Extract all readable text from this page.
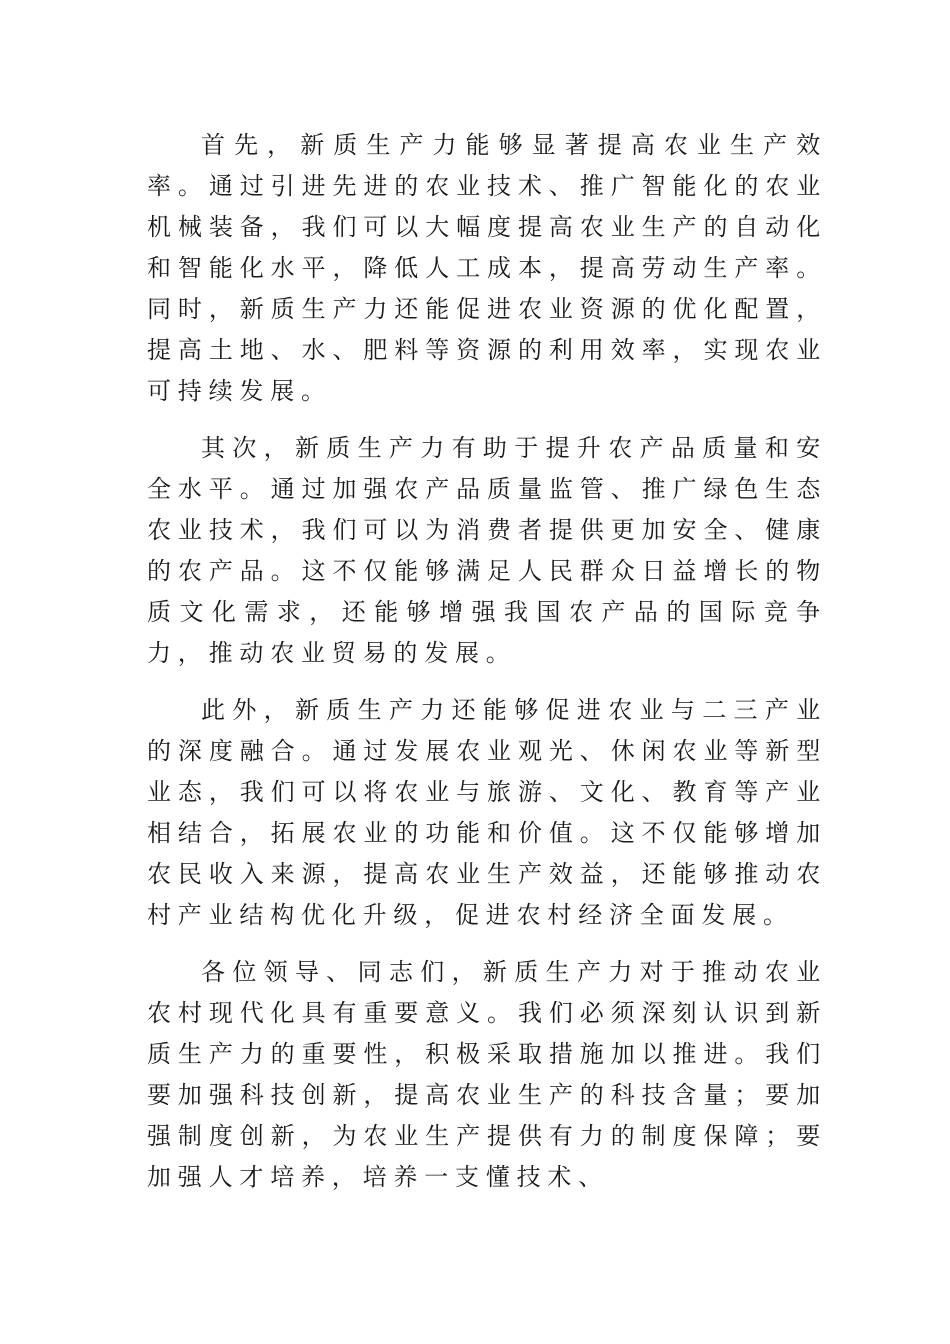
首先，新质生产力能够显著提高农业生产效率。通过引进先进的农业技术、推广智能化的农业机械装备，我们可以大幅度提高农业生产的自动化和智能化水平，降低人工成本，提高劳动生产率。同时，新质生产力还能促进农业资源的优化配置，提高土地、水、肥料等资源的利用效率，实现农业可持续发展。

其次，新质生产力有助于提升农产品质量和安全水平。通过加强农产品质量监管、推广绿色生态农业技术，我们可以为消费者提供更加安全、健康的农产品。这不仅能够满足人民群众日益增长的物质文化需求，还能够增强我国农产品的国际竞争力，推动农业贸易的发展。

此外，新质生产力还能够促进农业与二三产业的深度融合。通过发展农业观光、休闲农业等新型业态，我们可以将农业与旅游、文化、教育等产业相结合，拓展农业的功能和价值。这不仅能够增加农民收入来源，提高农业生产效益，还能够推动农村产业结构优化升级，促进农村经济全面发展。

各位领导、同志们，新质生产力对于推动农业农村现代化具有重要意义。我们必须深刻认识到新质生产力的重要性，积极采取措施加以推进。我们要加强科技创新，提高农业生产的科技含量；要加强制度创新，为农业生产提供有力的制度保障；要加强人才培养，培养一支懂技术、
